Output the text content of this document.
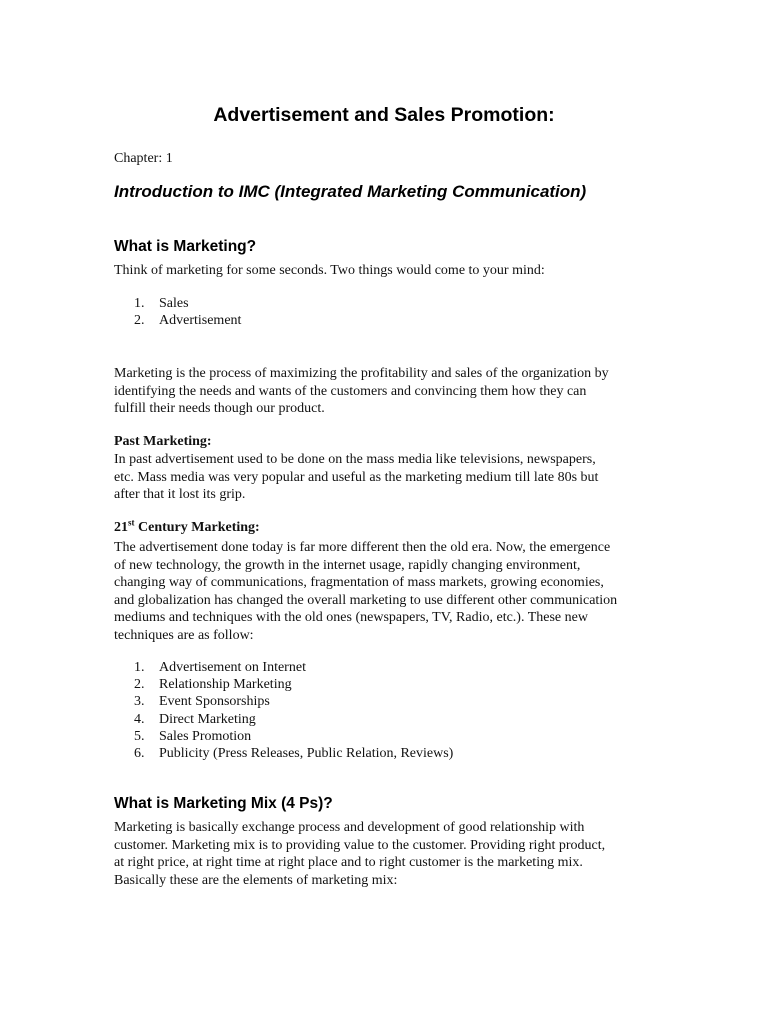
Advertisement and Sales Promotion:
Chapter: 1
Introduction to IMC (Integrated Marketing Communication)
What is Marketing?
Think of marketing for some seconds. Two things would come to your mind:
1. Sales
2. Advertisement
Marketing is the process of maximizing the profitability and sales of the organization by
identifying the needs and wants of the customers and convincing them how they can
fulfill their needs though our product.
Past Marketing:
In past advertisement used to be done on the mass media like televisions, newspapers,
etc. Mass media was very popular and useful as the marketing medium till late 80s but
after that it lost its grip.
21st Century Marketing:
The advertisement done today is far more different then the old era. Now, the emergence
of new technology, the growth in the internet usage, rapidly changing environment,
changing way of communications, fragmentation of mass markets, growing economies,
and globalization has changed the overall marketing to use different other communication
mediums and techniques with the old ones (newspapers, TV, Radio, etc.). These new
techniques are as follow:
1. Advertisement on Internet
2. Relationship Marketing
3. Event Sponsorships
4. Direct Marketing
5. Sales Promotion
6. Publicity (Press Releases, Public Relation, Reviews)
What is Marketing Mix (4 Ps)?
Marketing is basically exchange process and development of good relationship with
customer. Marketing mix is to providing value to the customer. Providing right product,
at right price, at right time at right place and to right customer is the marketing mix.
Basically these are the elements of marketing mix:
